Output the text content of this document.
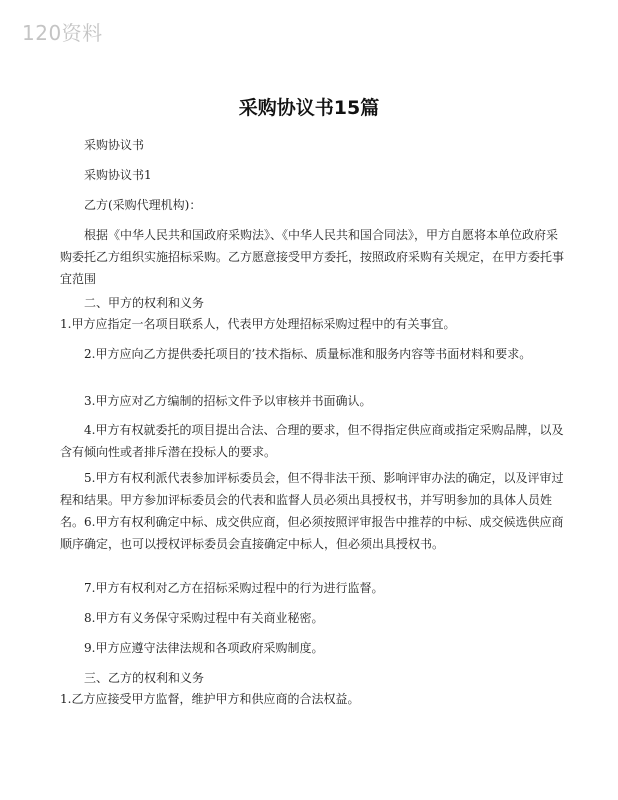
120资料
采购协议书15篇
采购协议书
采购协议书1
乙方(采购代理机构)：
根据《中华人民共和国政府采购法》、《中华人民共和国合同法》，甲方自愿将本单位政府采购委托乙方组织实施招标采购。乙方愿意接受甲方委托，按照政府采购有关规定，在甲方委托事宜范围
二、甲方的权利和义务
1.甲方应指定一名项目联系人，代表甲方处理招标采购过程中的有关事宜。
2.甲方应向乙方提供委托项目的’技术指标、质量标准和服务内容等书面材料和要求。
3.甲方应对乙方编制的招标文件予以审核并书面确认。
4.甲方有权就委托的项目提出合法、合理的要求，但不得指定供应商或指定采购品牌，以及含有倾向性或者排斥潜在投标人的要求。
5.甲方有权利派代表参加评标委员会，但不得非法干预、影响评审办法的确定，以及评审过程和结果。甲方参加评标委员会的代表和监督人员必须出具授权书，并写明参加的具体人员姓名。6.甲方有权利确定中标、成交供应商，但必须按照评审报告中推荐的中标、成交候选供应商顺序确定，也可以授权评标委员会直接确定中标人，但必须出具授权书。
7.甲方有权利对乙方在招标采购过程中的行为进行监督。
8.甲方有义务保守采购过程中有关商业秘密。
9.甲方应遵守法律法规和各项政府采购制度。
三、乙方的权利和义务
1.乙方应接受甲方监督，维护甲方和供应商的合法权益。
